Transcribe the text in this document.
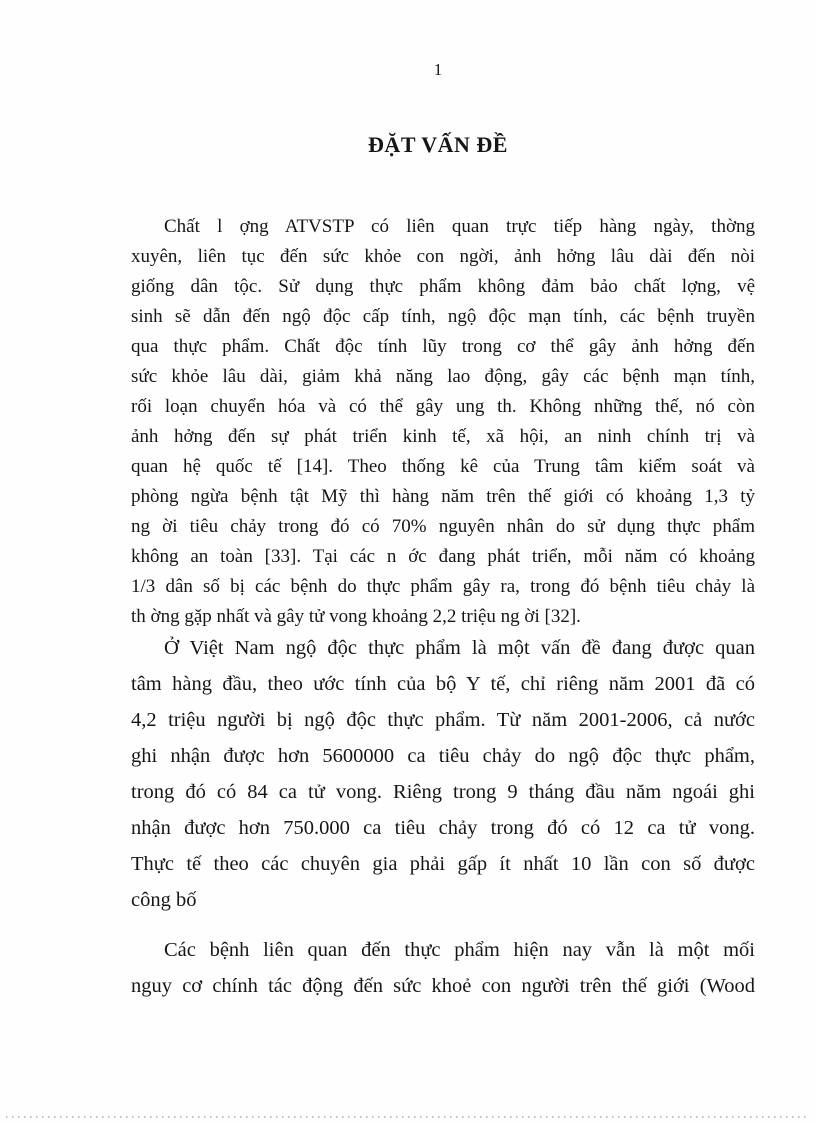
1
ĐẶT VẤN ĐỀ
Chất l ợng ATVSTP có liên quan trực tiếp hàng ngày, thờng
xuyên, liên tục đến sức khỏe con ngời, ảnh hởng lâu dài đến nòi
giống dân tộc. Sử dụng thực phẩm không đảm bảo chất lợng, vệ
sinh sẽ dẫn đến ngộ độc cấp tính, ngộ độc mạn tính, các bệnh truyền
qua thực phẩm. Chất độc tính lũy trong cơ thể gây ảnh hởng đến
sức khỏe lâu dài, giảm khả năng lao động, gây các bệnh mạn tính,
rối loạn chuyển hóa và có thể gây ung th. Không những thế, nó còn
ảnh hởng đến sự phát triển kinh tế, xã hội, an ninh chính trị và
quan hệ quốc tế [14]. Theo thống kê của Trung tâm kiểm soát và
phòng ngừa bệnh tật Mỹ thì hàng năm trên thế giới có khoảng 1,3 tỷ
ng ời tiêu chảy trong đó có 70% nguyên nhân do sử dụng thực phẩm
không an toàn [33]. Tại các n ớc đang phát triển, mỗi năm có khoảng
1/3 dân số bị các bệnh do thực phẩm gây ra, trong đó bệnh tiêu chảy là
th ờng gặp nhất và gây tử vong khoảng 2,2 triệu ng ời [32].
Ở Việt Nam ngộ độc thực phẩm là một vấn đề đang được quan
tâm hàng đầu, theo ước tính của bộ Y tế, chỉ riêng năm 2001 đã có
4,2 triệu người bị ngộ độc thực phẩm. Từ năm 2001-2006, cả nước
ghi nhận được hơn 5600000 ca tiêu chảy do ngộ độc thực phẩm,
trong đó có 84 ca tử vong. Riêng trong 9 tháng đầu năm ngoái ghi
nhận được hơn 750.000 ca tiêu chảy trong đó có 12 ca tử vong.
Thực tế theo các chuyên gia phải gấp ít nhất 10 lần con số được
công bố
Các bệnh liên quan đến thực phẩm hiện nay vẫn là một mối
nguy cơ chính tác động đến sức khoẻ con người trên thế giới (Wood
